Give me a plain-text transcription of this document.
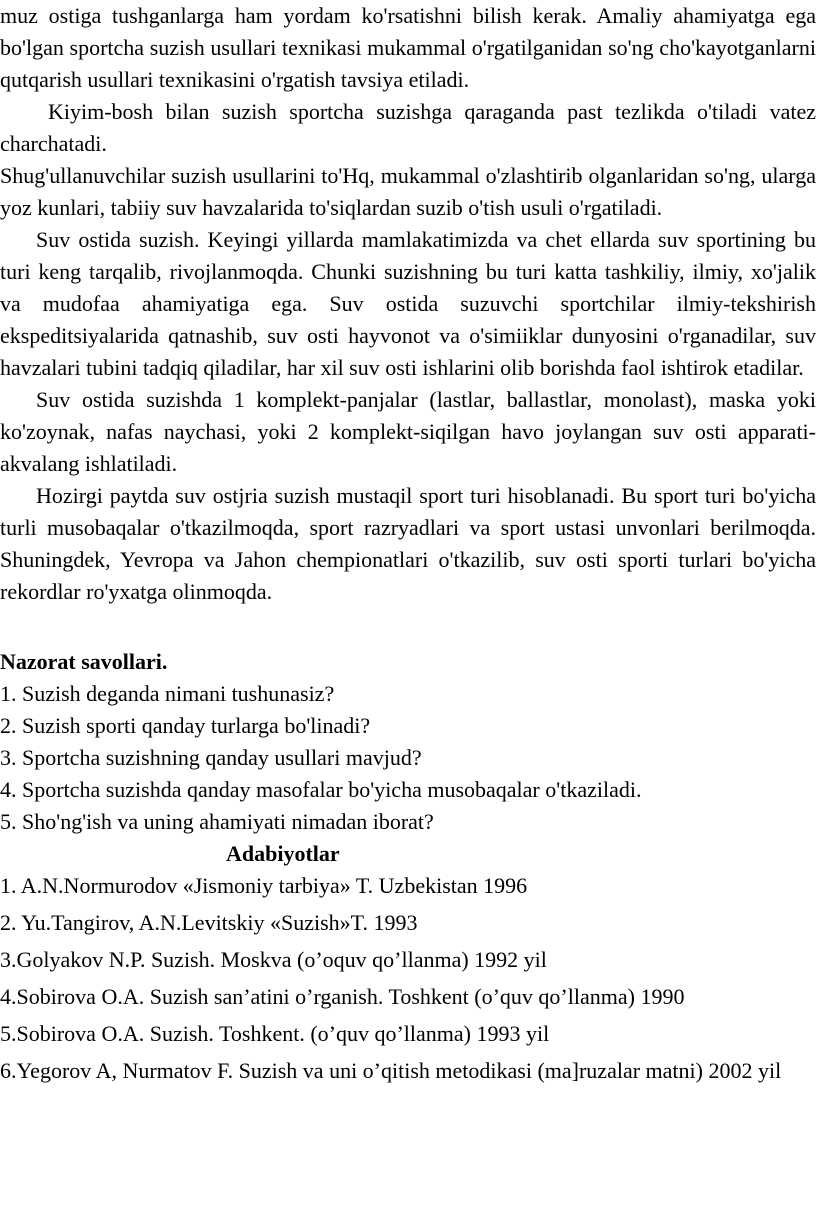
muz ostiga tushganlarga ham yordam ko'rsatishni bilish kerak. Amaliy ahamiyatga ega bo'lgan sportcha suzish usullari texnikasi mukammal o'rgatilganidan so'ng cho'kayotganlarni qutqarish usullari texnikasini o'rgatish tavsiya etiladi.

Kiyim-bosh bilan suzish sportcha suzishga qaraganda past tezlikda o'tiladi vatez charchatadi.

Shug'ullanuvchilar suzish usullarini to'Hq, mukammal o'zlashtirib olganlaridan so'ng, ularga yoz kunlari, tabiiy suv havzalarida to'siqlardan suzib o'tish usuli o'rgatiladi.

Suv ostida suzish. Keyingi yillarda mamlakatimizda va chet ellarda suv sportining bu turi keng tarqalib, rivojlanmoqda. Chunki suzishning bu turi katta tashkiliy, ilmiy, xo'jalik va mudofaa ahamiyatiga ega. Suv ostida suzuvchi sportchilar ilmiy-tekshirish ekspeditsiyalarida qatnashib, suv osti hayvonot va o'simiiklar dunyosini o'rganadilar, suv havzalari tubini tadqiq qiladilar, har xil suv osti ishlarini olib borishda faol ishtirok etadilar.

Suv ostida suzishda 1 komplekt-panjalar (lastlar, ballastlar, monolast), maska yoki ko'zoynak, nafas naychasi, yoki 2 komplekt-siqilgan havo joylangan suv osti apparati-akvalang ishlatiladi.

Hozirgi paytda suv ostjria suzish mustaqil sport turi hisoblanadi. Bu sport turi bo'yicha turli musobaqalar o'tkazilmoqda, sport razryadlari va sport ustasi unvonlari berilmoqda. Shuningdek, Yevropa va Jahon chempionatlari o'tkazilib, suv osti sporti turlari bo'yicha rekordlar ro'yxatga olinmoqda.

Nazorat savollari.

1. Suzish deganda nimani tushunasiz?
2. Suzish sporti qanday turlarga bo'linadi?
3. Sportcha suzishning qanday usullari mavjud?
4. Sportcha suzishda qanday masofalar bo'yicha musobaqalar o'tkaziladi.
5. Sho'ng'ish va uning ahamiyati nimadan iborat?

Adabiyotlar

1. A.N.Normurodov «Jismoniy tarbiya» T. Uzbekistan 1996
2. Yu.Tangirov, A.N.Levitskiy «Suzish»T. 1993
3.Golyakov N.P. Suzish. Moskva (o’oquv qo’llanma) 1992 yil
4.Sobirova O.A. Suzish san’atini o’rganish. Toshkent (o’quv qo’llanma) 1990
5.Sobirova O.A. Suzish. Toshkent. (o’quv qo’llanma) 1993 yil
6.Yegorov A, Nurmatov F. Suzish va uni o’qitish metodikasi (ma]ruzalar matni) 2002 yil
